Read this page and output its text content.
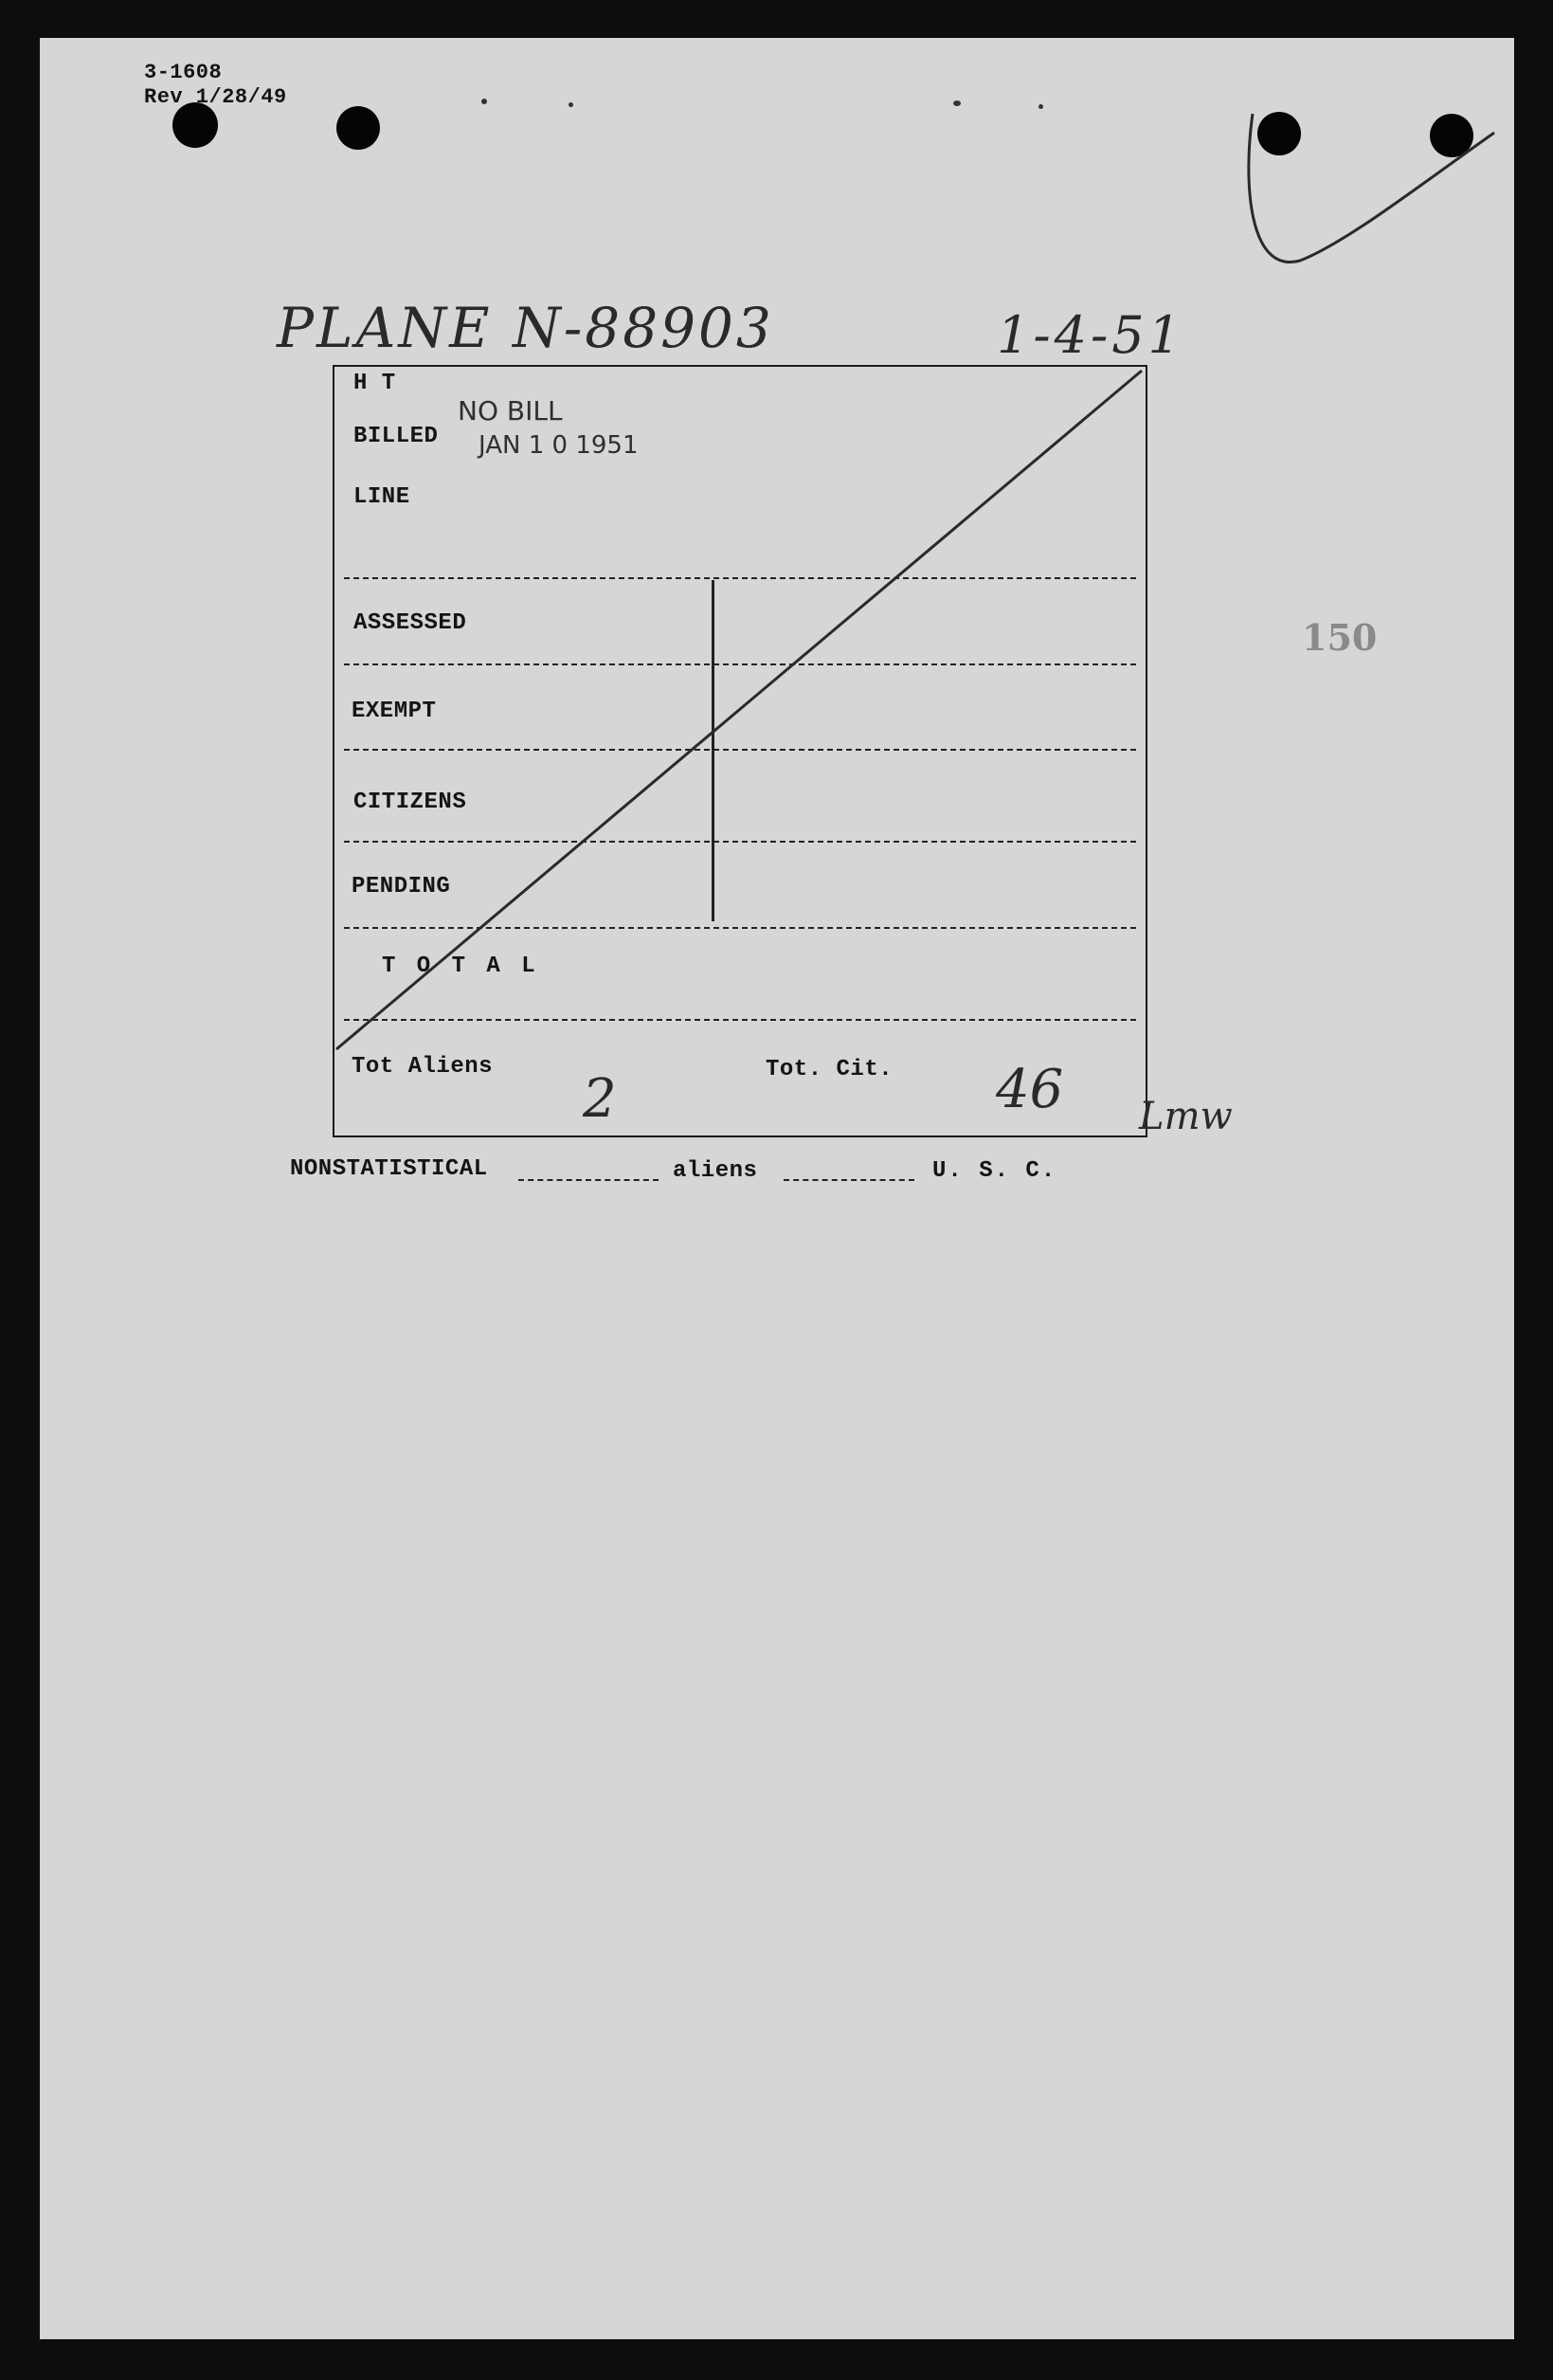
3-1608
Rev 1/28/49
PLANE N-88903	1-4-51
150
H T
BILLED
LINE
NO BILL
JAN 1 0 1951
ASSESSED
EXEMPT
CITIZENS
PENDING
T O T A L
Tot Aliens
2	Tot. Cit. 46 Lmw
NONSTATISTICAL	aliens	U. S. C.
